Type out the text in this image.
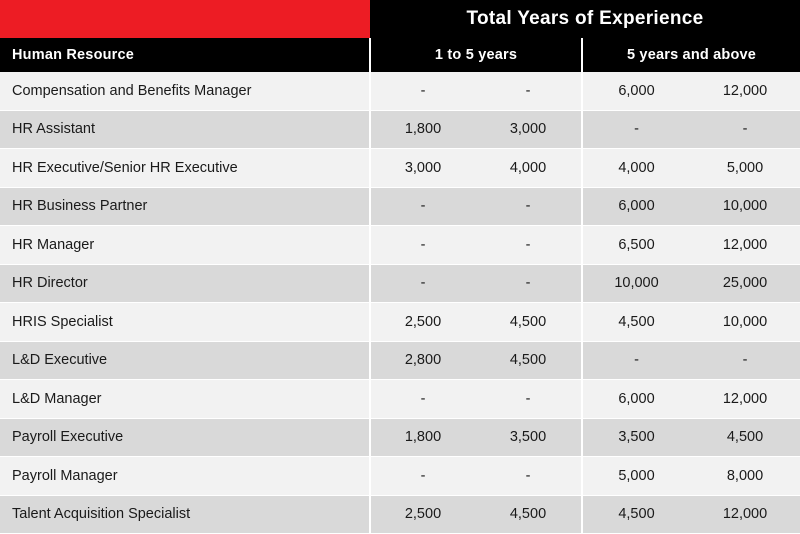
	Total Years of Experience			
Human Resource	1 to 5 years		5 years and above	
Compensation and Benefits Manager	-	-	6,000	12,000
HR Assistant	1,800	3,000	-	-
HR Executive/Senior HR Executive	3,000	4,000	4,000	5,000
HR Business Partner	-	-	6,000	10,000
HR Manager	-	-	6,500	12,000
HR Director	-	-	10,000	25,000
HRIS Specialist	2,500	4,500	4,500	10,000
L&D Executive	2,800	4,500	-	-
L&D Manager	-	-	6,000	12,000
Payroll Executive	1,800	3,500	3,500	4,500
Payroll Manager	-	-	5,000	8,000
Talent Acquisition Specialist	2,500	4,500	4,500	12,000
